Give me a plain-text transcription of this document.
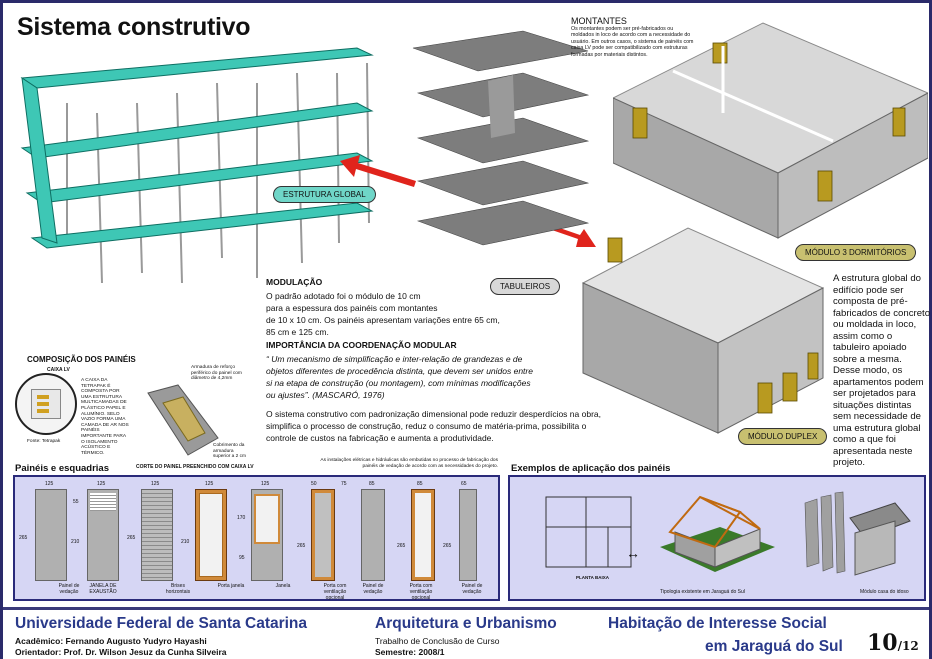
Sistema construtivo
ESTRUTURA GLOBAL
TABULEIROS
MONTANTES
Os montantes podem ser pré-fabricados ou moldados in loco de acordo com a necessidade do usuário. Em outros casos, o sistema de painéis com caixa LV pode ser compatibilizado com estruturas formadas por materiais distintos.
MÓDULO 3 DORMITÓRIOS
MÓDULO DUPLEX
A estrutura global do edifício pode ser composta de pré-fabricados de concreto ou moldada in loco, assim como o tabuleiro apoiado sobre a mesma. Desse modo, os apartamentos podem ser projetados para situações distintas sem necessidade de uma estrutura global como a que foi apresentada neste projeto.
MODULAÇÃO
O padrão adotado foi o módulo de 10 cm
para a espessura dos painéis com montantes
de 10 x 10 cm. Os painéis apresentam variações entre 65 cm,
85 cm e 125 cm.
IMPORTÂNCIA DA COORDENAÇÃO MODULAR
“ Um mecanismo de simplificação e inter-relação de grandezas e de
objetos diferentes de procedência distinta, que devem ser unidos entre
si na etapa de construção (ou montagem), com mínimas modificações
ou ajustes”. (MASCARÓ, 1976)
O sistema construtivo com padronização dimensional pode reduzir desperdícios na obra,
simplifica o processo de construção, reduz o consumo de matéria-prima, possibilita o
controle de custos na fabricação e aumenta a produtividade.
COMPOSIÇÃO DOS PAINÉIS
CAIXA LV
Fonte: Tetrapak
A CAIXA DA TETRAPAK É COMPOSTA POR UMA ESTRUTURA MULTICAMADAS DE PLÁSTICO PAPEL E ALUMÍNIO. SELO VAZIO FORMA UMA CAMADA DE AR NOS PAINÉIS IMPORTANTE PARA O ISOLAMENTO ACÚSTICO E TÉRMICO.
Armadura de reforço periférico do painel com diâmetro de 4,2mm
Cobrimento da armadura superior a 2 cm
CORTE DO PAINEL PREENCHIDO COM CAIXA LV
Painéis e esquadrias
As instalações elétricas e hidráulicas são embutidas no processo de fabricação dos painéis de vedação de acordo com as necessidades do projeto.
125
265
Painel de vedação
125
55
210
JANELA DE EXAUSTÃO
125
265
Brises horizontais
125
210
Porta janela
125
170
95
Janela
50
265
Porta com ventilação opcional
75	85
Painel de vedação
85
265
Porta com ventilação opcional
65
265
Painel de vedação
Exemplos de aplicação dos painéis
PLANTA BAIXA
↔
Tipologia existente em Jaraguá do Sul	Módulo casa do idoso
Universidade Federal de Santa Catarina
Acadêmico: Fernando Augusto Yudyro Hayashi
Orientador: Prof. Dr. Wilson Jesuz da Cunha Silveira
Arquitetura e Urbanismo
Trabalho de Conclusão de Curso
Semestre: 2008/1
Habitação de Interesse Social
em Jaraguá do Sul 10/12
